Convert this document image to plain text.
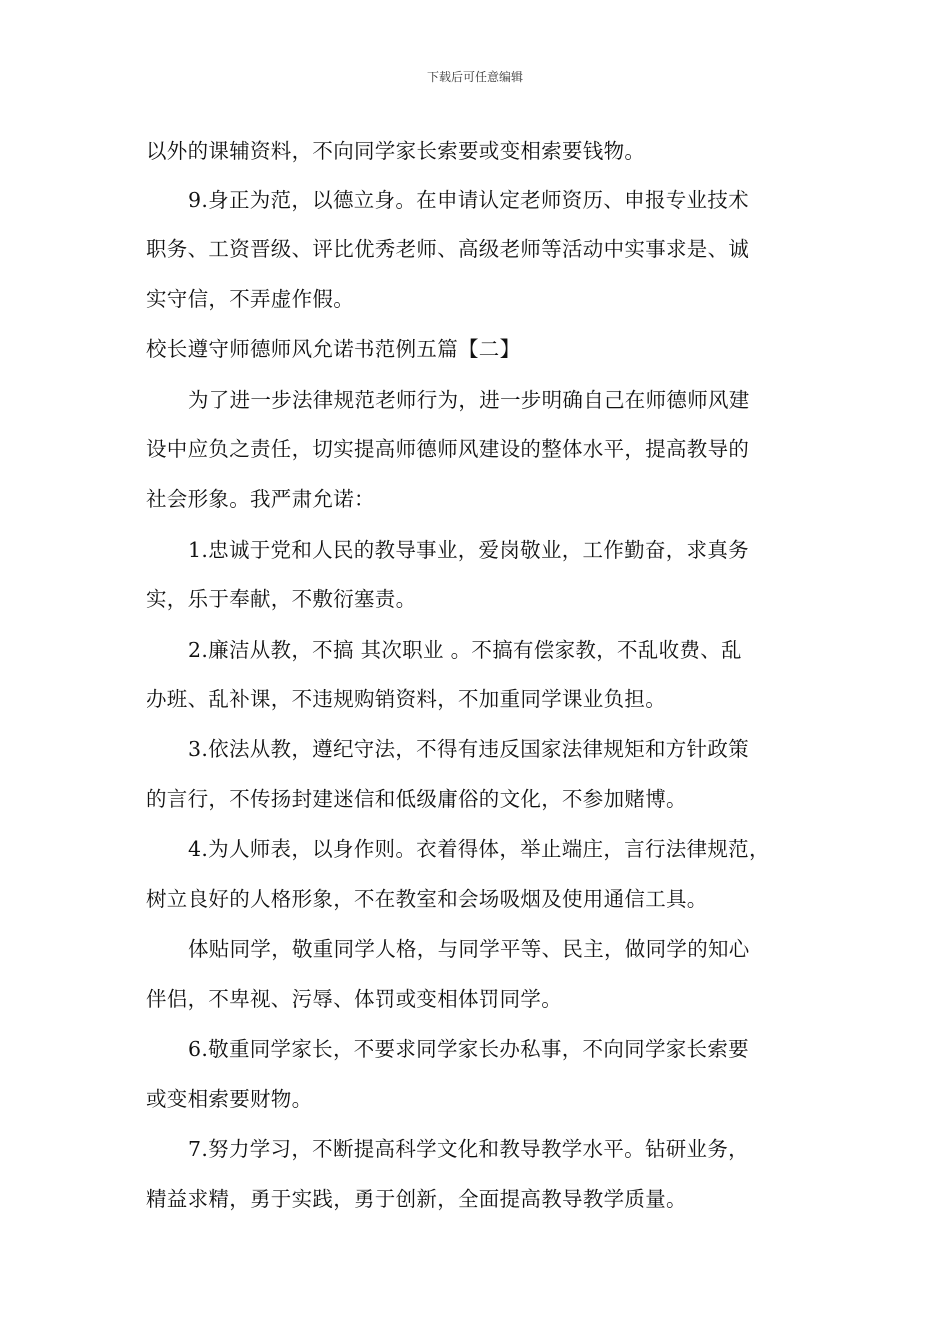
下载后可任意编辑
以外的课辅资料，不向同学家长索要或变相索要钱物。
9.身正为范，以德立身。在申请认定老师资历、申报专业技术
职务、工资晋级、评比优秀老师、高级老师等活动中实事求是、诚
实守信，不弄虚作假。
校长遵守师德师风允诺书范例五篇【二】
为了进一步法律规范老师行为，进一步明确自己在师德师风建
设中应负之责任，切实提高师德师风建设的整体水平，提高教导的
社会形象。我严肃允诺：
1.忠诚于党和人民的教导事业，爱岗敬业，工作勤奋，求真务
实，乐于奉献，不敷衍塞责。
2.廉洁从教，不搞 其次职业 。不搞有偿家教，不乱收费、乱
办班、乱补课，不违规购销资料，不加重同学课业负担。
3.依法从教，遵纪守法，不得有违反国家法律规矩和方针政策
的言行，不传扬封建迷信和低级庸俗的文化，不参加赌博。
4.为人师表，以身作则。衣着得体，举止端庄，言行法律规范，
树立良好的人格形象，不在教室和会场吸烟及使用通信工具。
体贴同学，敬重同学人格，与同学平等、民主，做同学的知心
伴侣，不卑视、污辱、体罚或变相体罚同学。
6.敬重同学家长，不要求同学家长办私事，不向同学家长索要
或变相索要财物。
7.努力学习，不断提高科学文化和教导教学水平。钻研业务，
精益求精，勇于实践，勇于创新，全面提高教导教学质量。
